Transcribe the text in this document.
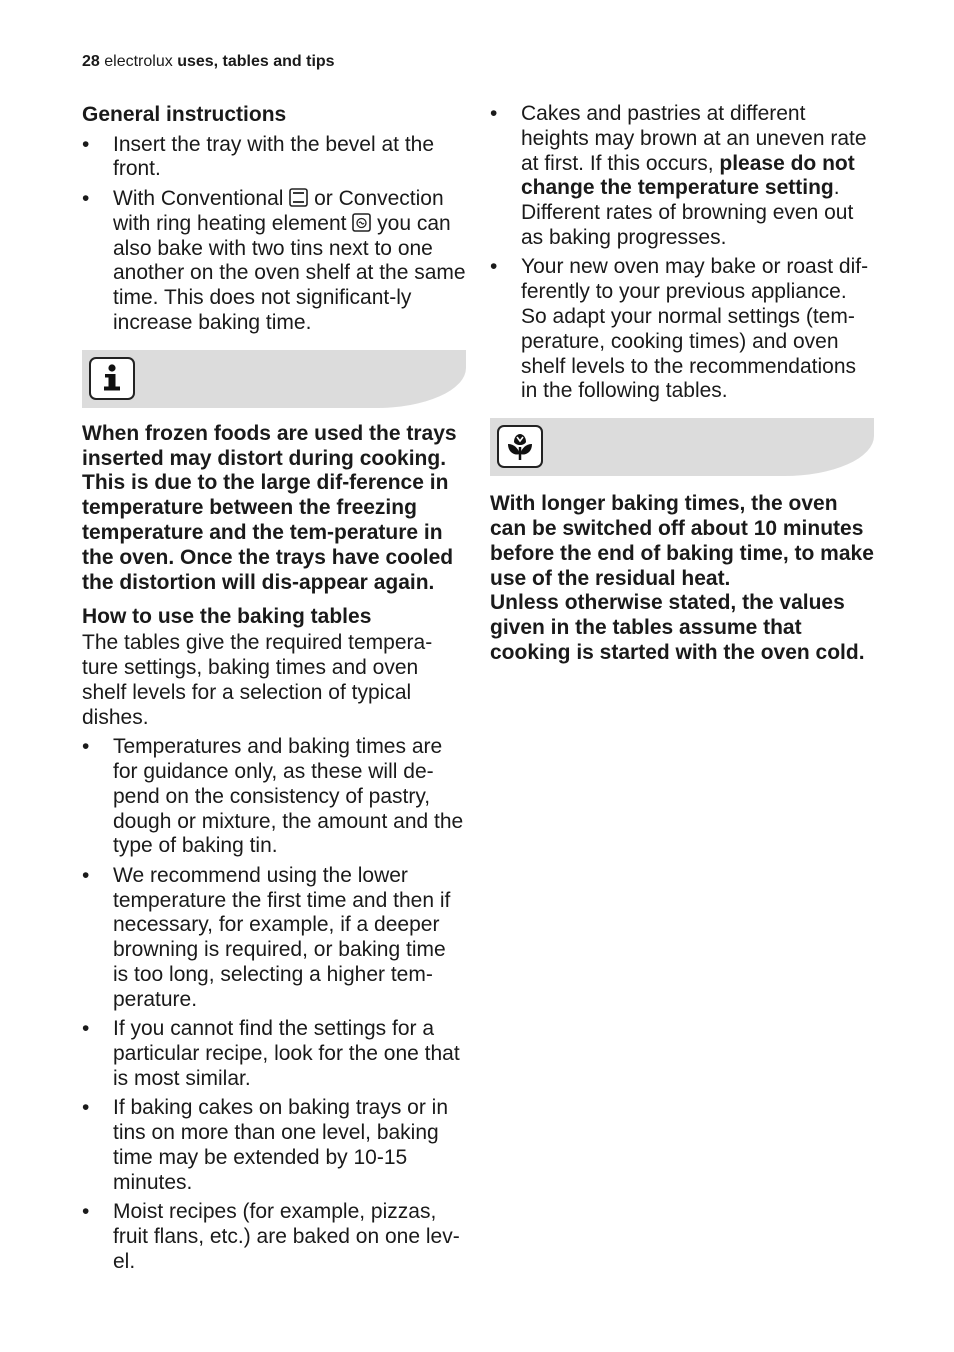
28 electrolux uses, tables and tips
General instructions
•	Insert the tray with the bevel at the front.
•	With Conventional  or Convection with ring heating element  you can also bake with two tins next to one another on the oven shelf at the same time. This does not significant-ly increase baking time.

When frozen foods are used the trays inserted may distort during cooking. This is due to the large dif-ference in temperature between the freezing temperature and the tem-perature in the oven. Once the trays have cooled the distortion will dis-appear again.

How to use the baking tables

The tables give the required tempera-ture settings, baking times and oven shelf levels for a selection of typical dishes.

•	Temperatures and baking times are for guidance only, as these will de-pend on the consistency of pastry, dough or mixture, the amount and the type of baking tin.
•	We recommend using the lower temperature the first time and then if necessary, for example, if a deeper browning is required, or baking time is too long, selecting a higher tem-perature.
•	If you cannot find the settings for a particular recipe, look for the one that is most similar.
•	If baking cakes on baking trays or in tins on more than one level, baking time may be extended by 10-15 minutes.
•	Moist recipes (for example, pizzas, fruit flans, etc.) are baked on one lev-el.
•	Cakes and pastries at different heights may brown at an uneven rate at first. If this occurs, please do not change the temperature setting. Different rates of browning even out as baking progresses.
•	Your new oven may bake or roast dif-ferently to your previous appliance. So adapt your normal settings (tem-perature, cooking times) and oven shelf levels to the recommendations in the following tables.

With longer baking times, the oven can be switched off about 10 minutes before the end of baking time, to make use of the residual heat.

Unless otherwise stated, the values given in the tables assume that cooking is started with the oven cold.
